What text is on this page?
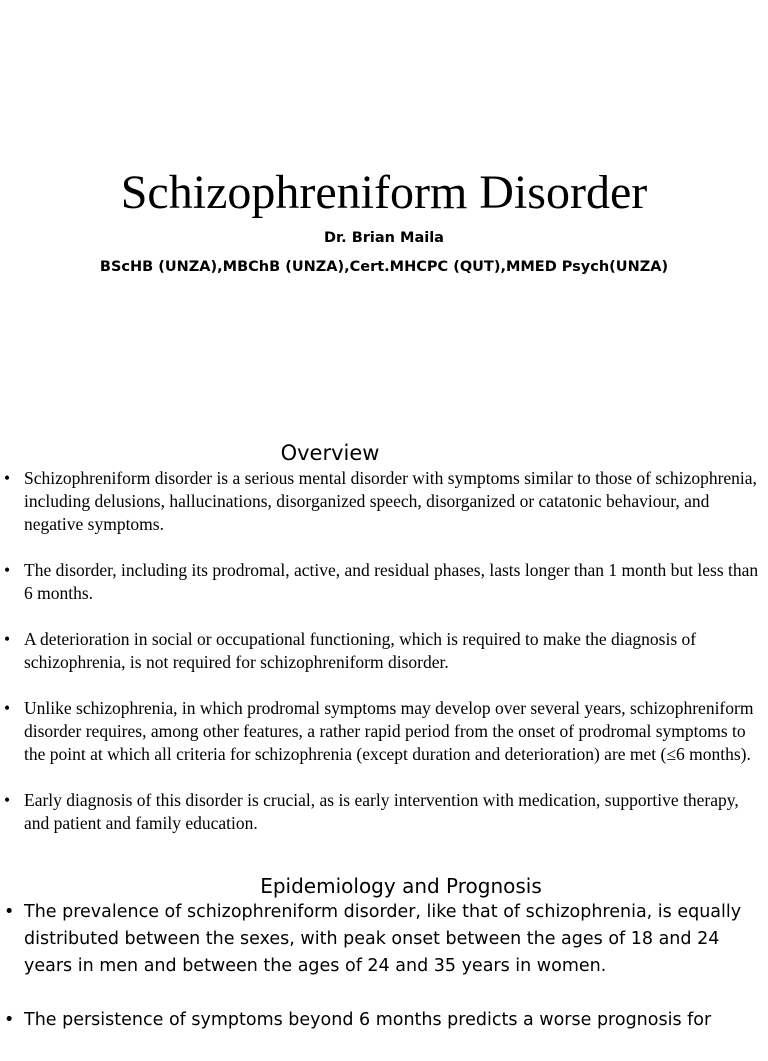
Schizophreniform Disorder

Dr. Brian Maila

BScHB (UNZA),MBChB (UNZA),Cert.MHCPC (QUT),MMED Psych(UNZA)

Overview
• Schizophreniform disorder is a serious mental disorder with symptoms similar to those of schizophrenia, including delusions, hallucinations, disorganized speech, disorganized or catatonic behaviour, and negative symptoms.
• The disorder, including its prodromal, active, and residual phases, lasts longer than 1 month but less than 6 months.
• A deterioration in social or occupational functioning, which is required to make the diagnosis of schizophrenia, is not required for schizophreniform disorder.
• Unlike schizophrenia, in which prodromal symptoms may develop over several years, schizophreniform disorder requires, among other features, a rather rapid period from the onset of prodromal symptoms to the point at which all criteria for schizophrenia (except duration and deterioration) are met (≤6 months).
• Early diagnosis of this disorder is crucial, as is early intervention with medication, supportive therapy, and patient and family education.
Epidemiology and Prognosis
• The prevalence of schizophreniform disorder, like that of schizophrenia, is equally distributed between the sexes, with peak onset between the ages of 18 and 24 years in men and between the ages of 24 and 35 years in women.
• The persistence of symptoms beyond 6 months predicts a worse prognosis for
